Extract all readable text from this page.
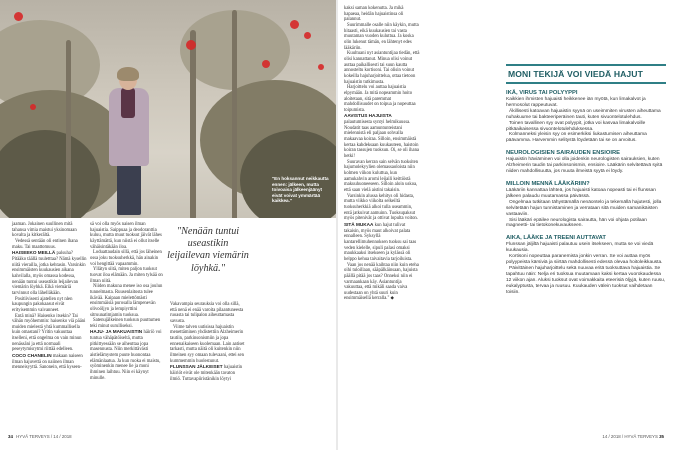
"En hoksannut neikkautta ennen: jälkeen, mutta toivoaisa jälkeenjäänyt eivät voivat ymmärtää kaikkea."

jaaman. Jokainen suullinen mitä tahansa vimia maistui yksinomaan kovalta ja kitkerältä.

Vedessä sentään oli entinen ihana maku. Tai maattomuus.

HAISEEKO MEILLÄ palsuha? Pitääko täällä tuuletttaa? Nämä kysellin niitä vierailla, jotka kehtasin. Varsinkin ensimmäisten kuukausien aikana kahvilalla, myös omassa kodessa, nenään tuntui useastikin leijailevan viemärin löyhkä. Eikä viemäriä tarvinnut olla lähelläkään.

Positiivisesti ajatellen nyt nlen kaupungin pakokaasut eivät erityisemmin vaivanneet.

Entä minä? Haisenko itsekin? Tai vähän myöhemmin: haisenko viä pääni muiden mielestä yhtä kummallisella kuin omastani? Yritin vakuuttaa itselleni, että ongelma on vain minun nenässäni ja että normaali peseytymisrytmi riittää edelleen.

COCO CHANELIN makaan naiseen ilman hajuvettä on naiinen ilman menneisyyttä. Sanonein, että kyseen-

sä voi olla myös naisen ilman hajuaistia. Saippuaa ja deodoranttia kuluu, mutta muut tuoksut jäivät lähes käyttämättä, kun niistä ei ollut itselle vähäisintäkään iloa.

Loduattaudain sillä, että jos läheinen ossa joku tuoksuherkkä, hän ainakin voi hengittää vapaammin.

Yllätyn siitä, miten paljon tuoksut tuovat iloa elämään. Ja miten tylsää on ilman niitä.

Niiden makuna menee iso osa joulun tunnelmasta. Ruusenlaitosta tulee ikävää. Kaipaan mielettömästi ensimmäisiä purosalla lämpenevän olivoöljyn ja lempiyrttini sitruunatimjamin tuoksua.

Satenujälkeinen tuoksun puuttumen teki minut surulliseksi.

HAJU- JA MAKUAISTIN häiriö voi tuntua vähäpätöiseltä, mutta pitkittyessään se aiheuttaa jopa masennusta. Niin merkittävästi aistielämystem puute huonontaa elämänlaatua. Ja kun ruoka ei maistu, syöminenkin menee lie ja moni ihminen laihtuu. Niin ei käynyt minulle.

Vakavampia seurauksia voi olla sillä, että nenä ei enää varoita pilaantuneesta ruoasta tai tulipalon aiheuttamasta savusta.

Viime talven uutisissa hajuaistin menettäminen yhdistettiin Alzheimerin tautiin, parkinsonismiin ja jopa ennenaikaiseen kuolemaan. Lain aatiset tarkasti, mutta näitä oli kuitenkin niin ilmeinen syy omaan tulevaani, ettei sen kummemmin huolestunut.

FLUNSSAN JÄLKEISET hajuaistin häiriöt eivät ole mitenkään tavaton ilmiö. Tuttavapiiristänikin löytyi

"Nenään tuntui useastikin leijailevan viemärin löyhkä."

kaksi saman kokenutta. Ja mikä hapaeaa, heidän hajuaistinsa oli palannut.

Suurimmalle osalle niin käykin, mutta hitaasti, eikä kuukausien tai vasta muutaman vuoden kuluttua. Ja koska olin lukenut tämän, en lähtenyt edes lääkäriin.

Kuultuani nyt asiantuntijaa tiedän, että olisi kannattanut. Minua olisi voinut auttaa paikallisesti tai suun kautta annosteltu kortisoni. Tai olisin voinut kokeilla hajuharjoittelua, ottaa tietoon hajuaistin tutkimusta.

Harjoittelu voi auttaa hajuaistia elpymään. Ja mitä nopeammin hoito aloitetaan, sitä paremmat mahdollisuudet on toipua ja nopeuttaa toipumista.

AAVISTUS HAJUISTA palautumisesta syntyi helmikuussa. Noudatit taas aamuntunteistani mielennistä eli paljaan sohvalla makaavaa koiraa. Silloin, ensimmäistä kertaa kahdeksaan kuukauteen, haistoin koiran tassujen tuoksun. Oi, se oli ihana hetki!

Suuravan kerran sain selvän tuoksiten hajumolekyylien olemassaoloista niin kolmen viikon kuluttua, kun aamukahvin aromi leijaili keittiöstä makuuhuoneeseen. Silloin aloin uskoa, että saan vielä aistini takaisin.

Varsinkin alussa kehitys oli hidasta, mutta viikko viikolta selkeiltä tuoksuherkkiä alkoi tulla useammin, entä jatkuivat aamuinn. Tuoksupaksut myös pitenivät ja ottivat lopulta voiton.

SITÄ MUKAA kun hajut tulivat takaisin, myös maut alkoivat palata ennalleen. Syksyllä kantarellimuhennoksen tuoksu sai taas veden kielelle, sipuli palasi omaksi maukkaaksi itsekseen ja kylässä oli helppo kehua taivaitavia tarjoiluista.

Vaan jos nenää kaihtaa niin kuin eteha oihi tuloillaan, sääpälkäinsaan, hajuista päällä pitää jos taas? Onneksi niin ei varmaankaan käy. Asiantuntija vakuuttaa, että mikäli saada vaiva uudestaan on yhtä suuri kuin ensimmäisellä kerralla." ◆

MONI TEKIJÄ VOI VIEDÄ HAJUT
IKÄ, VIRUS TAI POLYYPPI

Kaikkien ihmisten hajuaisti heikkenee iän myötä, kun limakalvot ja hermosolut rappeutuvat.

Äkillisesti katoavan hajuaistin syynä on useimmiten virusten aiheuttama nuhakuume tai bakteeriperäinen tauti, kuten sivuontelotulehdus.

Toinen tavallinen syy ovat polyypit, jotka voi kasvaa limakalvoille pitkäaikaisessa sivuontelotulehduksessa.

Kolmanneksi yleisin syy on esimerkiksi liukastumisen aiheuttama päävamma. Harvemmin selitystä löydetään tai se on arvoitus.

NEUROLOGISIEN SAIRAUDEN ENSIOIRE

Hajuaistin häviäminen voi olla joidenkin neurologisten sairauksien, kuten Alzheimerin taudin tai parkinsonismin, ensioire. Lääkärin selvitettävä syitä niiden mahdollisuutta, jos muuta ilmeistä syytä ei löydy.

MILLOIN MENNÄ LÄÄKÄRIIN?

Lääkäriin kannattaa lähteä, jos hajuaisti katoaa nopeasti tai ei flunssan jälkeen palaudu muutamassa päivässä.

Ongelmaa tutkitaan tähystämällä nenäontelo ja tekemällä hajutesti, jolla selvitetään hajun tunnistaminen ja verrataan sitä muiden samanikäisten vastaaviin.

Sisi lääkäri epäilee neurologista sairautta, hän voi ohjata potilaan magneetti- tai tietokonekuvaukseen.

AIKA, LÄÄKE JA TREENI AUTTAVAT

Flunssan jäljiltä hajuaisti palautuu usein itsekseen, mutta se voi viedä kuukausia.

Kortisoni nopeuttaa paranemista jonkin verran. Se voi auttaa myös polyypeista kärsiviä ja siirtää mahdollisesti edessä olevaa hoitoleikkausta.

Päivittäinen hajuharjoittelu sekä nuuvaa eritä tuoksuttava hajuaistia. Se tapahtuu näin: Nelja eri tuoksua muutamaan kaksi kertaa vuorokaudessa 12 viikon ajan. Aluksi tuoksut ovat voimakkaita eteerisiä öljyjä, kuten ruusu, eukalyptusta, tervaa ja ruusuu. Kuukauden välein tuoksut vaihdetaan toisiin.

34 HYVÄ TERVEYS / 14 / 2018	14 / 2018 / HYVÄ TERVEYS 35
